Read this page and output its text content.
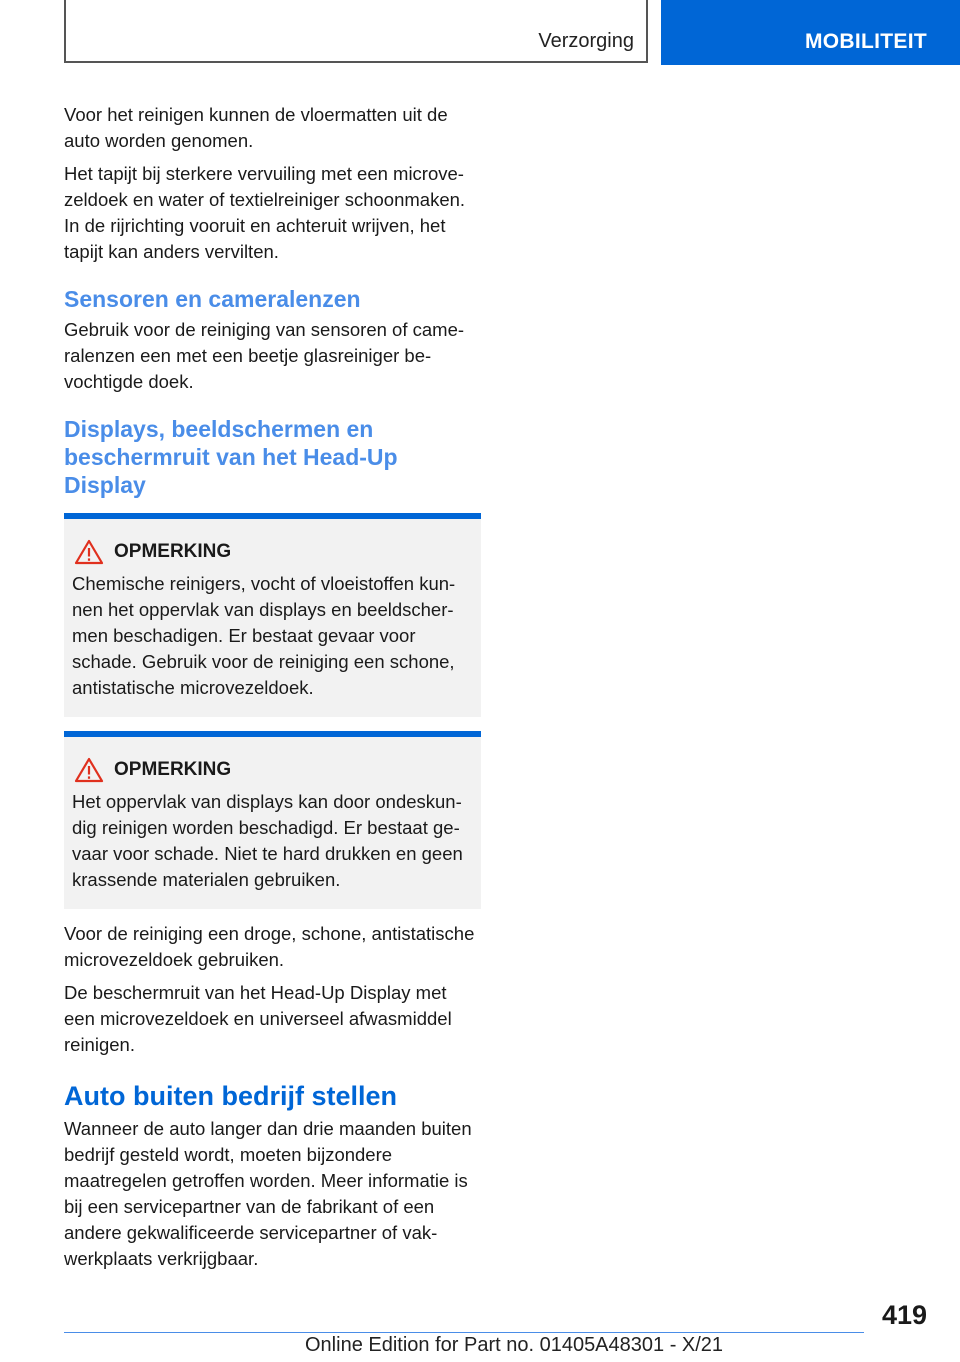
Verzorging	MOBILITEIT

Voor het reinigen kunnen de vloermatten uit de auto worden genomen.

Het tapijt bij sterkere vervuiling met een microvezeldoek en water of textielreiniger schoonmaken. In de rijrichting vooruit en achteruit wrijven, het tapijt kan anders vervilten.

Sensoren en cameralenzen

Gebruik voor de reiniging van sensoren of cameralenzen een met een beetje glasreiniger bevochtigde doek.

Displays, beeldschermen en beschermruit van het Head-Up Display
OPMERKING

Chemische reinigers, vocht of vloeistoffen kunnen het oppervlak van displays en beeldschermen beschadigen. Er bestaat gevaar voor schade. Gebruik voor de reiniging een schone, antistatische microvezeldoek.

OPMERKING

Het oppervlak van displays kan door ondeskundig reinigen worden beschadigd. Er bestaat gevaar voor schade. Niet te hard drukken en geen krassende materialen gebruiken.

Voor de reiniging een droge, schone, antistatische microvezeldoek gebruiken.

De beschermruit van het Head-Up Display met een microvezeldoek en universeel afwasmiddel reinigen.

Auto buiten bedrijf stellen

Wanneer de auto langer dan drie maanden buiten bedrijf gesteld wordt, moeten bijzondere maatregelen getroffen worden. Meer informatie is bij een servicepartner van de fabrikant of een andere gekwalificeerde servicepartner of vakwerkplaats verkrijgbaar.

419
Online Edition for Part no. 01405A48301 - X/21
